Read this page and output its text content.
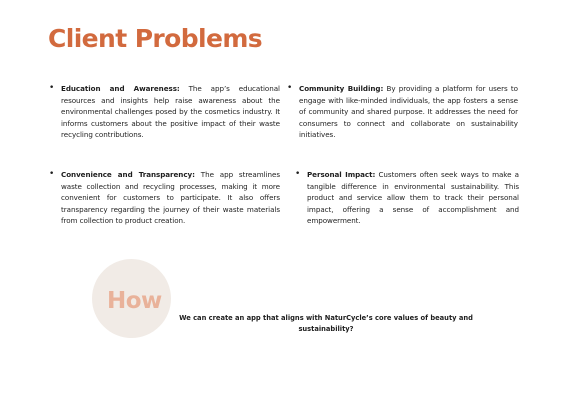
Client Problems
• Education and Awareness: The app’s educational resources and insights help raise awareness about the environmental challenges posed by the cosmetics industry. It informs customers about the positive impact of their waste recycling contributions.
• Community Building: By providing a platform for users to engage with like-minded individuals, the app fosters a sense of community and shared purpose. It addresses the need for consumers to connect and collaborate on sustainability initiatives.
• Convenience and Transparency: The app streamlines waste collection and recycling processes, making it more convenient for customers to participate. It also offers transparency regarding the journey of their waste materials from collection to product creation.
• Personal Impact: Customers often seek ways to make a tangible difference in environmental sustainability. This product and service allow them to track their personal impact, offering a sense of accomplishment and empowerment.

How

We can create an app that aligns with NaturCycle’s core values of beauty and sustainability?
